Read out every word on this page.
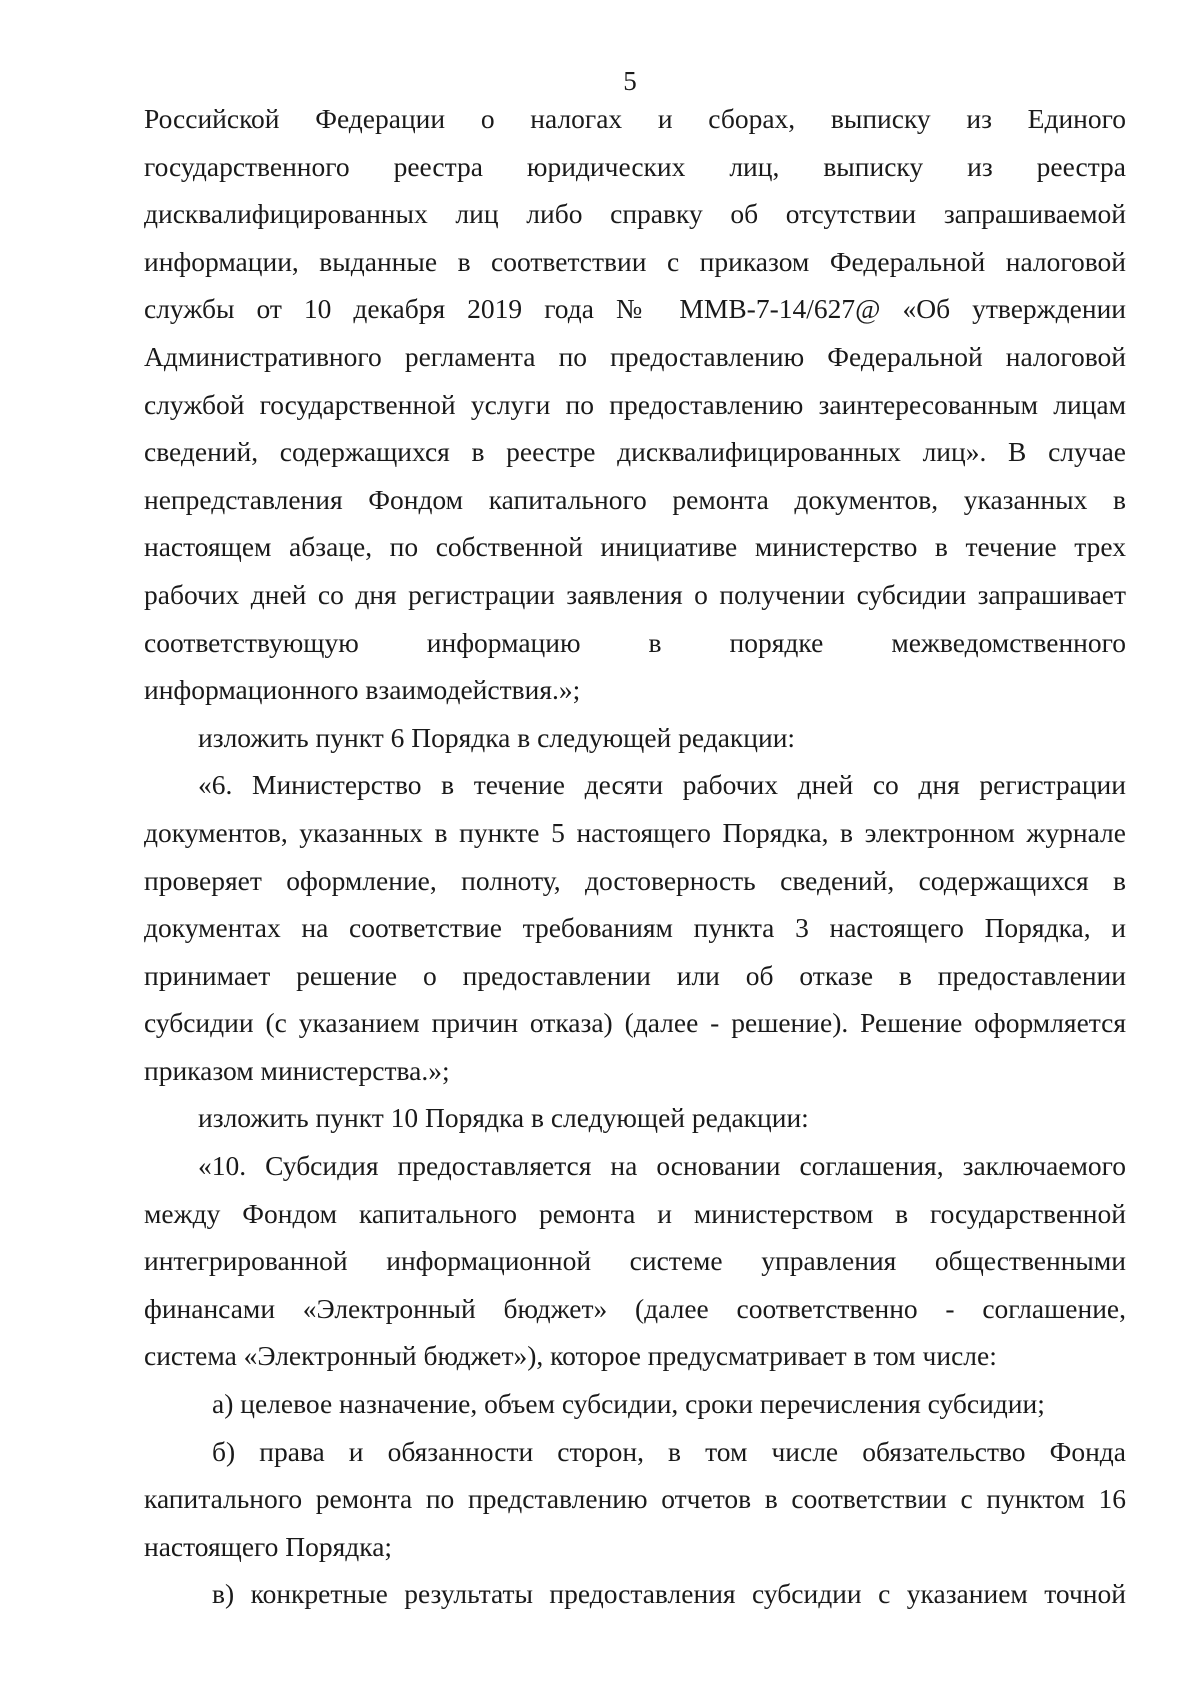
5
Российской Федерации о налогах и сборах, выписку из Единого
государственного реестра юридических лиц, выписку из реестра
дисквалифицированных лиц либо справку об отсутствии запрашиваемой
информации, выданные в соответствии с приказом Федеральной налоговой
службы от 10 декабря 2019 года № ММВ-7-14/627@ «Об утверждении
Административного регламента по предоставлению Федеральной налоговой
службой государственной услуги по предоставлению заинтересованным лицам
сведений, содержащихся в реестре дисквалифицированных лиц». В случае
непредставления Фондом капитального ремонта документов, указанных в
настоящем абзаце, по собственной инициативе министерство в течение трех
рабочих дней со дня регистрации заявления о получении субсидии запрашивает
соответствующую информацию в порядке межведомственного
информационного взаимодействия.»;
изложить пункт 6 Порядка в следующей редакции:
«6. Министерство в течение десяти рабочих дней со дня регистрации
документов, указанных в пункте 5 настоящего Порядка, в электронном журнале
проверяет оформление, полноту, достоверность сведений, содержащихся в
документах на соответствие требованиям пункта 3 настоящего Порядка, и
принимает решение о предоставлении или об отказе в предоставлении
субсидии (с указанием причин отказа) (далее - решение). Решение оформляется
приказом министерства.»;
изложить пункт 10 Порядка в следующей редакции:
«10. Субсидия предоставляется на основании соглашения, заключаемого
между Фондом капитального ремонта и министерством в государственной
интегрированной информационной системе управления общественными
финансами «Электронный бюджет» (далее соответственно - соглашение,
система «Электронный бюджет»), которое предусматривает в том числе:
а) целевое назначение, объем субсидии, сроки перечисления субсидии;
б) права и обязанности сторон, в том числе обязательство Фонда
капитального ремонта по представлению отчетов в соответствии с пунктом 16
настоящего Порядка;
в) конкретные результаты предоставления субсидии с указанием точной
